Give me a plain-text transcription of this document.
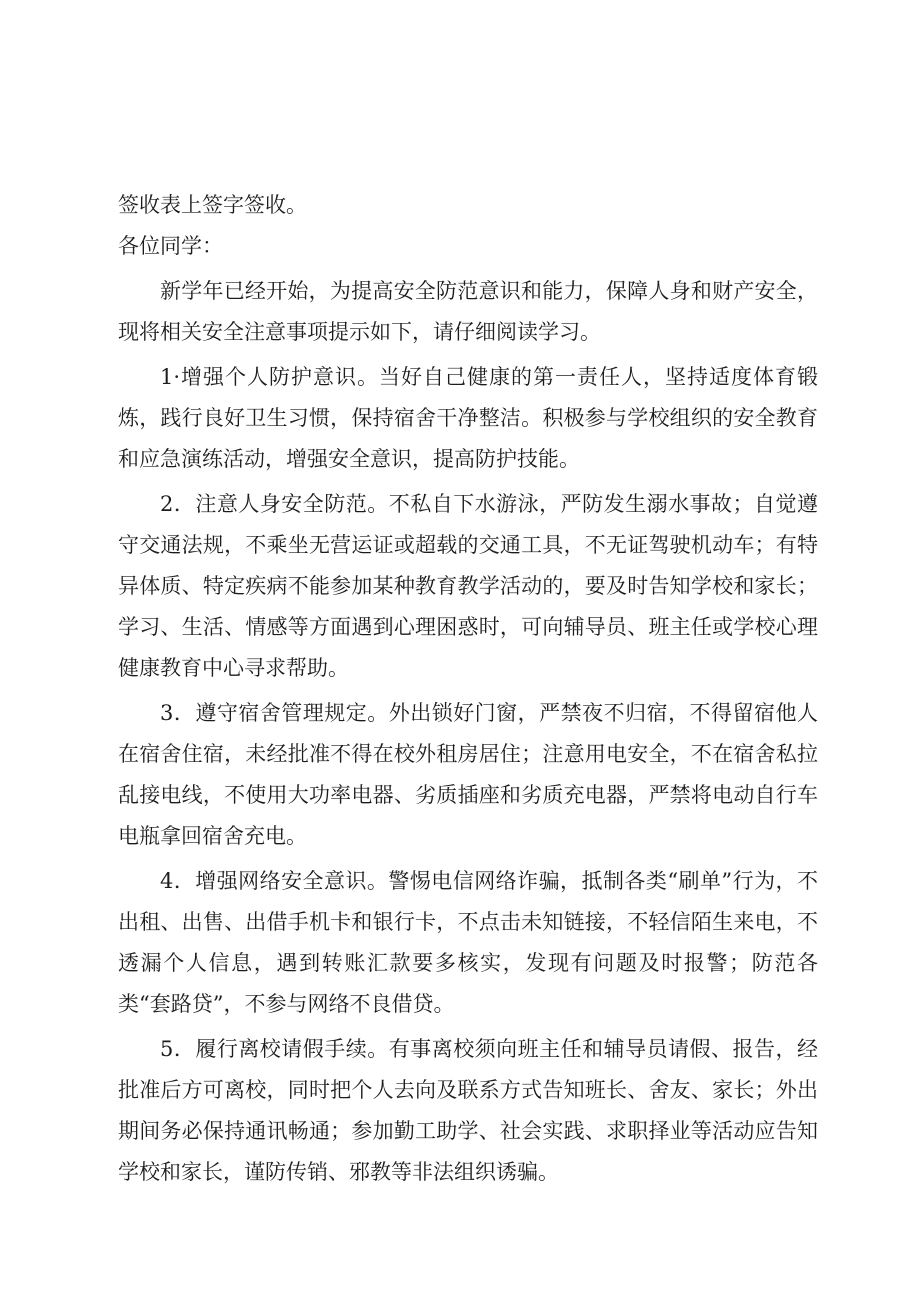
签收表上签字签收。

各位同学：

新学年已经开始，为提高安全防范意识和能力，保障人身和财产安全，现将相关安全注意事项提示如下，请仔细阅读学习。

1·增强个人防护意识。当好自己健康的第一责任人，坚持适度体育锻炼，践行良好卫生习惯，保持宿舍干净整洁。积极参与学校组织的安全教育和应急演练活动，增强安全意识，提高防护技能。

2．注意人身安全防范。不私自下水游泳，严防发生溺水事故；自觉遵守交通法规，不乘坐无营运证或超载的交通工具，不无证驾驶机动车；有特异体质、特定疾病不能参加某种教育教学活动的，要及时告知学校和家长；学习、生活、情感等方面遇到心理困惑时，可向辅导员、班主任或学校心理健康教育中心寻求帮助。

3．遵守宿舍管理规定。外出锁好门窗，严禁夜不归宿，不得留宿他人在宿舍住宿，未经批准不得在校外租房居住；注意用电安全，不在宿舍私拉乱接电线，不使用大功率电器、劣质插座和劣质充电器，严禁将电动自行车电瓶拿回宿舍充电。

4．增强网络安全意识。警惕电信网络诈骗，抵制各类“刷单”行为，不出租、出售、出借手机卡和银行卡，不点击未知链接，不轻信陌生来电，不透漏个人信息，遇到转账汇款要多核实，发现有问题及时报警；防范各类“套路贷”，不参与网络不良借贷。

5．履行离校请假手续。有事离校须向班主任和辅导员请假、报告，经批准后方可离校，同时把个人去向及联系方式告知班长、舍友、家长；外出期间务必保持通讯畅通；参加勤工助学、社会实践、求职择业等活动应告知学校和家长，谨防传销、邪教等非法组织诱骗。
